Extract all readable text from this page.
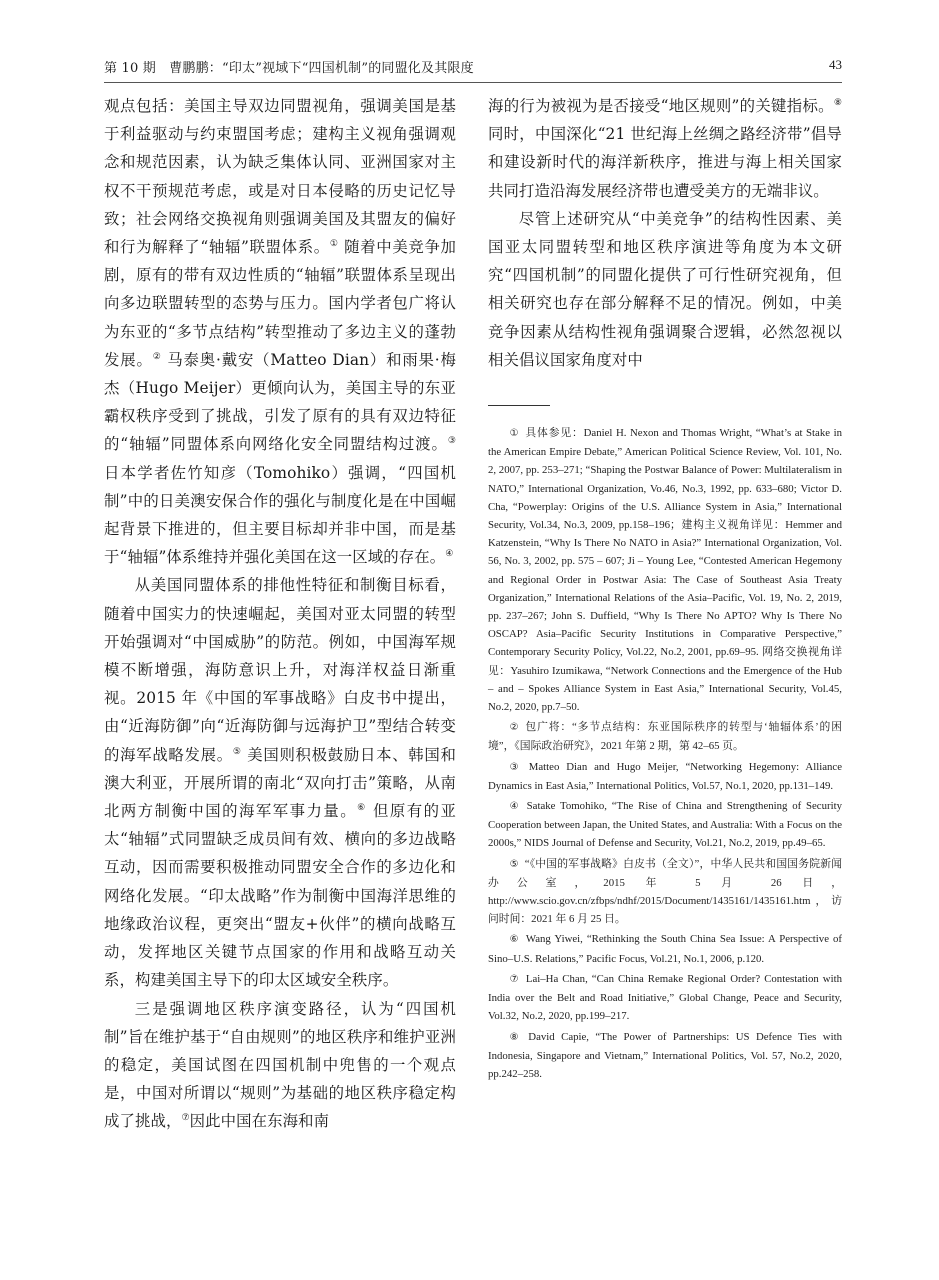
第 10 期　曹鹏鹏：“印太”视域下“四国机制”的同盟化及其限度	43

观点包括：美国主导双边同盟视角，强调美国是基于利益驱动与约束盟国考虑；建构主义视角强调观念和规范因素，认为缺乏集体认同、亚洲国家对主权不干预规范考虑，或是对日本侵略的历史记忆导致；社会网络交换视角则强调美国及其盟友的偏好和行为解释了“轴辐”联盟体系。① 随着中美竞争加剧，原有的带有双边性质的“轴辐”联盟体系呈现出向多边联盟转型的态势与压力。国内学者包广将认为东亚的“多节点结构”转型推动了多边主义的蓬勃发展。② 马泰奥·戴安（Matteo Dian）和雨果·梅杰（Hugo Meijer）更倾向认为，美国主导的东亚霸权秩序受到了挑战，引发了原有的具有双边特征的“轴辐”同盟体系向网络化安全同盟结构过渡。③ 日本学者佐竹知彦（Tomohiko）强调，“四国机制”中的日美澳安保合作的强化与制度化是在中国崛起背景下推进的，但主要目标却并非中国，而是基于“轴辐”体系维持并强化美国在这一区域的存在。④

从美国同盟体系的排他性特征和制衡目标看，随着中国实力的快速崛起，美国对亚太同盟的转型开始强调对“中国威胁”的防范。例如，中国海军规模不断增强，海防意识上升，对海洋权益日渐重视。2015 年《中国的军事战略》白皮书中提出，由“近海防御”向“近海防御与远海护卫”型结合转变的海军战略发展。⑤ 美国则积极鼓励日本、韩国和澳大利亚，开展所谓的南北“双向打击”策略，从南北两方制衡中国的海军军事力量。⑥ 但原有的亚太“轴辐”式同盟缺乏成员间有效、横向的多边战略互动，因而需要积极推动同盟安全合作的多边化和网络化发展。“印太战略”作为制衡中国海洋思维的地缘政治议程，更突出“盟友+伙伴”的横向战略互动，发挥地区关键节点国家的作用和战略互动关系，构建美国主导下的印太区域安全秩序。

三是强调地区秩序演变路径，认为“四国机制”旨在维护基于“自由规则”的地区秩序和维护亚洲的稳定，美国试图在四国机制中兜售的一个观点是，中国对所谓以“规则”为基础的地区秩序稳定构成了挑战，⑦因此中国在东海和南

海的行为被视为是否接受“地区规则”的关键指标。⑧ 同时，中国深化“21 世纪海上丝绸之路经济带”倡导和建设新时代的海洋新秩序，推进与海上相关国家共同打造沿海发展经济带也遭受美方的无端非议。

尽管上述研究从“中美竞争”的结构性因素、美国亚太同盟转型和地区秩序演进等角度为本文研究“四国机制”的同盟化提供了可行性研究视角，但相关研究也存在部分解释不足的情况。例如，中美竞争因素从结构性视角强调聚合逻辑，必然忽视以相关倡议国家角度对中

① 具体参见：Daniel H. Nexon and Thomas Wright, “What’s at Stake in the American Empire Debate,” American Political Science Review, Vol. 101, No. 2, 2007, pp. 253–271; “Shaping the Postwar Balance of Power: Multilateralism in NATO,” International Organization, Vo.46, No.3, 1992, pp. 633–680; Victor D. Cha, “Powerplay: Origins of the U.S. Alliance System in Asia,” International Security, Vol.34, No.3, 2009, pp.158–196；建构主义视角详见：Hemmer and Katzenstein, “Why Is There No NATO in Asia?” International Organization, Vol. 56, No. 3, 2002, pp. 575 – 607; Ji – Young Lee, “Contested American Hegemony and Regional Order in Postwar Asia: The Case of Southeast Asia Treaty Organization,” International Relations of the Asia–Pacific, Vol. 19, No. 2, 2019, pp. 237–267; John S. Duffield, “Why Is There No APTO? Why Is There No OSCAP? Asia–Pacific Security Institutions in Comparative Perspective,” Contemporary Security Policy, Vol.22, No.2, 2001, pp.69–95. 网络交换视角详见：Yasuhiro Izumikawa, “Network Connections and the Emergence of the Hub – and – Spokes Alliance System in East Asia,” International Security, Vol.45, No.2, 2020, pp.7–50.

② 包广将：“多节点结构：东亚国际秩序的转型与‘轴辐体系’的困境”，《国际政治研究》，2021 年第 2 期，第 42–65 页。

③ Matteo Dian and Hugo Meijer, “Networking Hegemony: Alliance Dynamics in East Asia,” International Politics, Vol.57, No.1, 2020, pp.131–149.

④ Satake Tomohiko, “The Rise of China and Strengthening of Security Cooperation between Japan, the United States, and Australia: With a Focus on the 2000s,” NIDS Journal of Defense and Security, Vol.21, No.2, 2019, pp.49–65.

⑤ “《中国的军事战略》白皮书（全文）”，中华人民共和国国务院新闻办公室，2015 年 5 月 26 日，http://www.scio.gov.cn/zfbps/ndhf/2015/Document/1435161/1435161.htm，访问时间：2021 年 6 月 25 日。

⑥ Wang Yiwei, “Rethinking the South China Sea Issue: A Perspective of Sino–U.S. Relations,” Pacific Focus, Vol.21, No.1, 2006, p.120.

⑦ Lai–Ha Chan, “Can China Remake Regional Order? Contestation with India over the Belt and Road Initiative,” Global Change, Peace and Security, Vol.32, No.2, 2020, pp.199–217.

⑧ David Capie, “The Power of Partnerships: US Defence Ties with Indonesia, Singapore and Vietnam,” International Politics, Vol. 57, No.2, 2020, pp.242–258.
